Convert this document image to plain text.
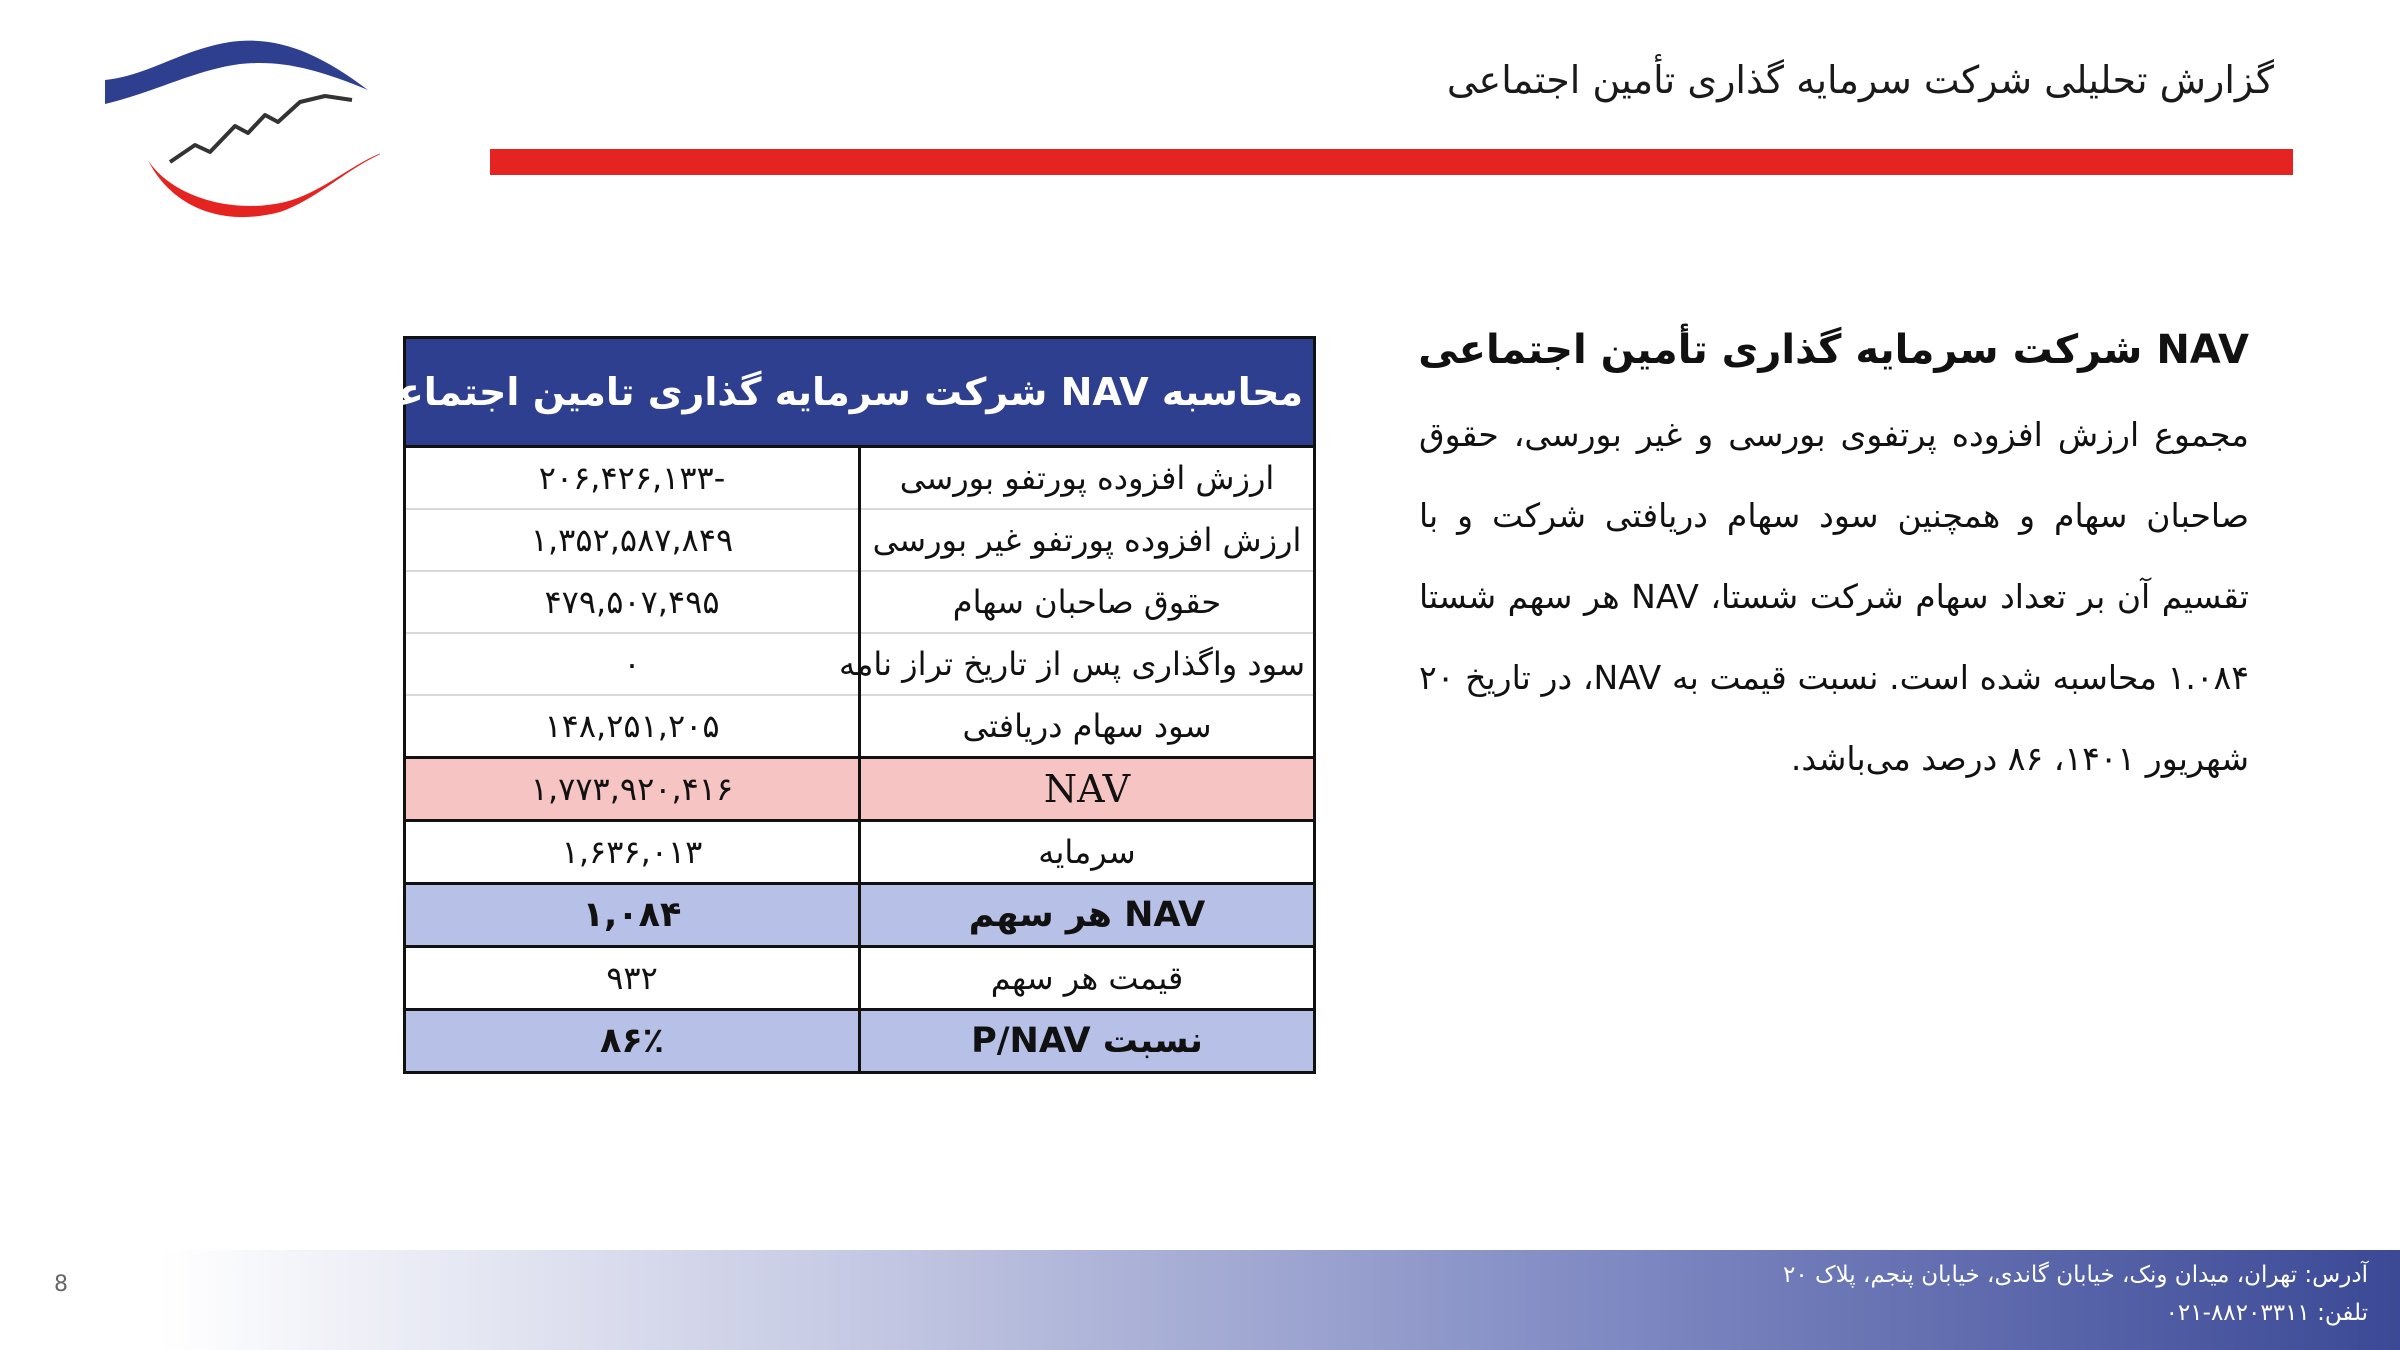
گزارش تحلیلی شرکت سرمایه گذاری تأمین اجتماعی

NAV شرکت سرمایه گذاری تأمین اجتماعی

مجموع ارزش افزوده پرتفوی بورسی و غیر بورسی، حقوق صاحبان سهام و همچنین سود سهام دریافتی شرکت و با تقسیم آن بر تعداد سهام شرکت شستا، NAV هر سهم شستا ۱.۰۸۴ محاسبه شده است. نسبت قیمت به NAV، در تاریخ ۲۰ شهریور ۱۴۰۱، ۸۶ درصد می‌باشد.

محاسبه NAV شرکت سرمایه گذاری تامین اجتماعی	
ارزش افزوده پورتفو بورسی	-۲۰۶,۴۲۶,۱۳۳
ارزش افزوده پورتفو غیر بورسی	۱,۳۵۲,۵۸۷,۸۴۹
حقوق صاحبان سهام	۴۷۹,۵۰۷,۴۹۵
سود واگذاری پس از تاریخ تراز نامه	۰
سود سهام دریافتی	۱۴۸,۲۵۱,۲۰۵
NAV	۱,۷۷۳,۹۲۰,۴۱۶
سرمایه	۱,۶۳۶,۰۱۳
NAV هر سهم	۱,۰۸۴
قیمت هر سهم	۹۳۲
نسبت P/NAV	۸۶٪
آدرس: تهران، میدان ونک، خیابان گاندی، خیابان پنجم، پلاک ۲۰
تلفن: ۸۸۲۰۳۳۱۱-۰۲۱
8
